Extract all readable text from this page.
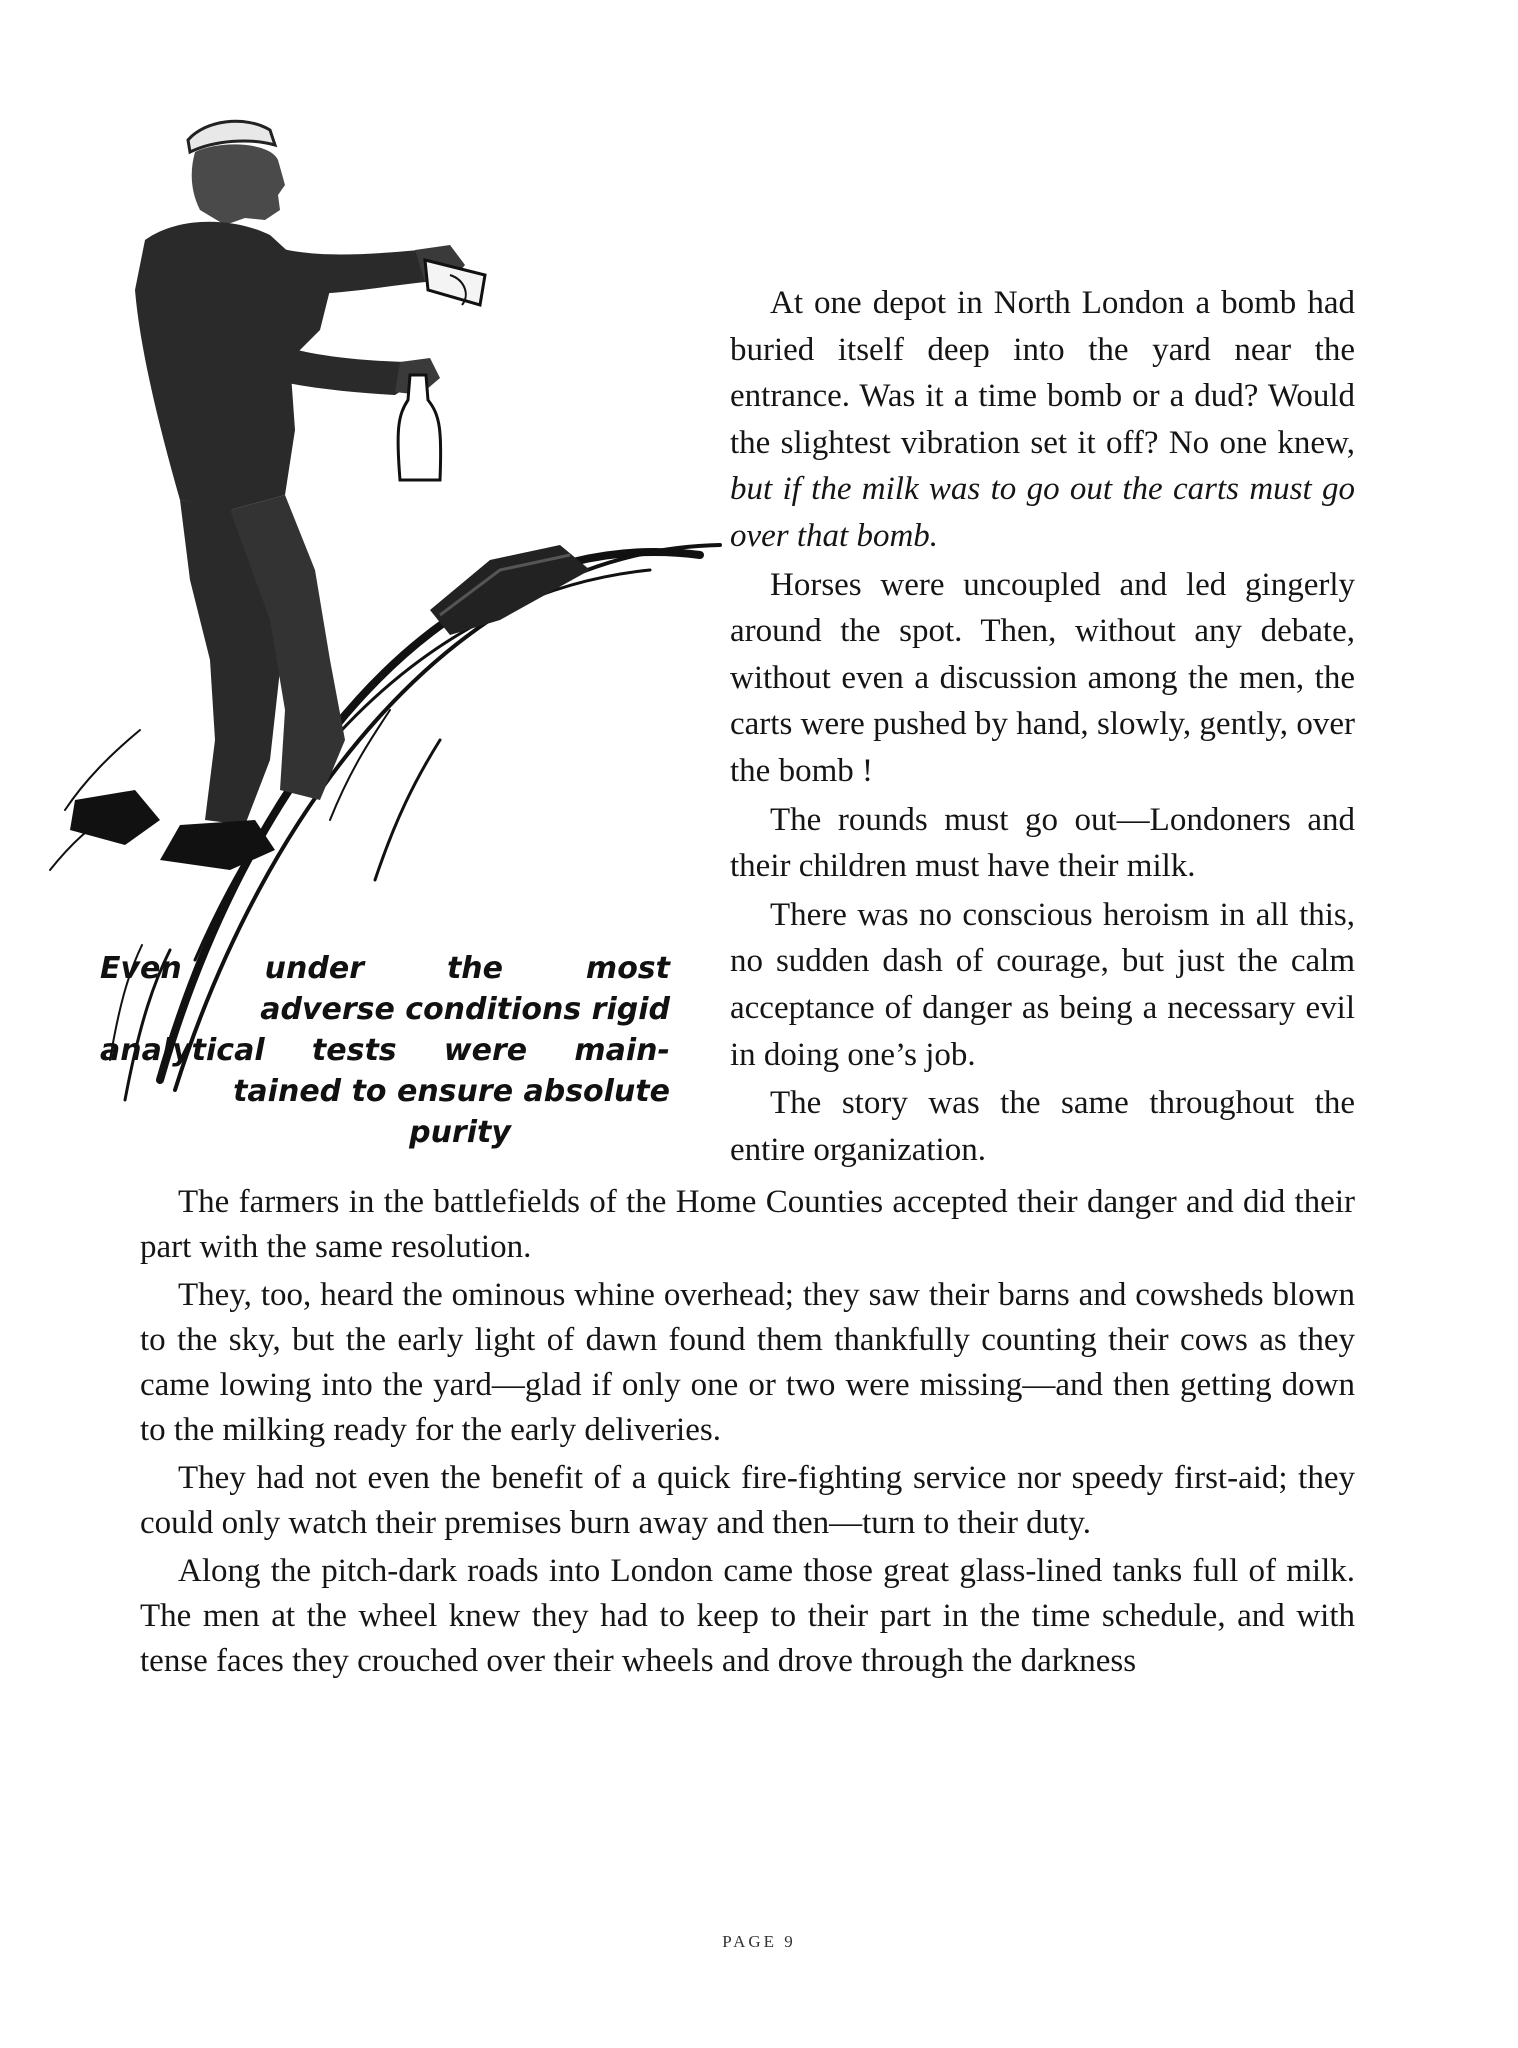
Even under the most
adverse conditions rigid
analytical tests were main-
tained to ensure absolute
purity

At one depot in North London a bomb had buried itself deep into the yard near the entrance. Was it a time bomb or a dud? Would the slightest vibration set it off? No one knew, but if the milk was to go out the carts must go over that bomb.

Horses were uncoupled and led gingerly around the spot. Then, without any debate, without even a discussion among the men, the carts were pushed by hand, slowly, gently, over the bomb !

The rounds must go out—Londoners and their children must have their milk.

There was no conscious heroism in all this, no sudden dash of courage, but just the calm acceptance of danger as being a necessary evil in doing one’s job.

The story was the same throughout the entire organization.

The farmers in the battlefields of the Home Counties accepted their danger and did their part with the same resolution.

They, too, heard the ominous whine overhead; they saw their barns and cowsheds blown to the sky, but the early light of dawn found them thankfully counting their cows as they came lowing into the yard—glad if only one or two were missing—and then getting down to the milking ready for the early deliveries.

They had not even the benefit of a quick fire-fighting service nor speedy first-aid; they could only watch their premises burn away and then—turn to their duty.

Along the pitch-dark roads into London came those great glass-lined tanks full of milk. The men at the wheel knew they had to keep to their part in the time schedule, and with tense faces they crouched over their wheels and drove through the darkness

PAGE 9
